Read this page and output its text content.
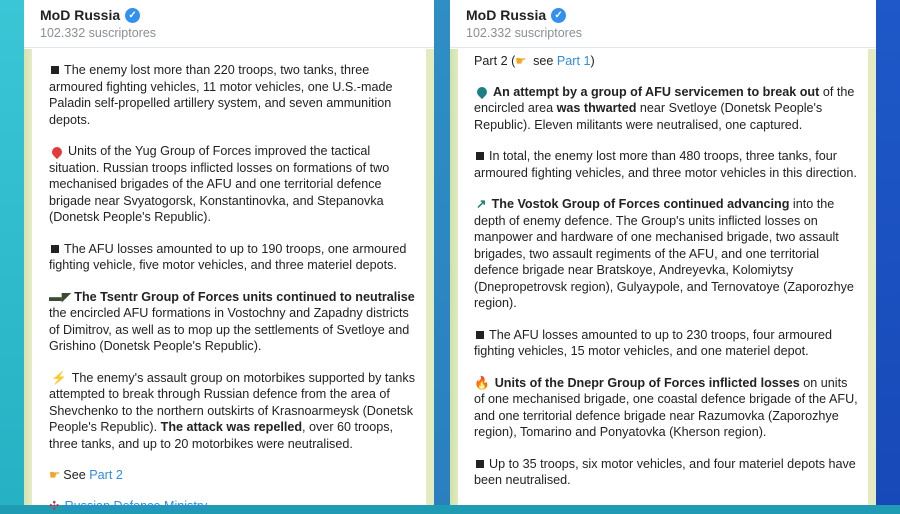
MoD Russia ✓
102.332 suscriptores
The enemy lost more than 220 troops, two tanks, three armoured fighting vehicles, 11 motor vehicles, one U.S.-made Paladin self-propelled artillery system, and seven ammunition depots.
Units of the Yug Group of Forces improved the tactical situation. Russian troops inflicted losses on formations of two mechanised brigades of the AFU and one territorial defence brigade near Svyatogorsk, Konstantinovka, and Stepanovka (Donetsk People's Republic).
The AFU losses amounted to up to 190 troops, one armoured fighting vehicle, five motor vehicles, and three materiel depots.
▬◤ The Tsentr Group of Forces units continued to neutralise the encircled AFU formations in Vostochny and Zapadny districts of Dimitrov, as well as to mop up the settlements of Svetloye and Grishino (Donetsk People's Republic).
⚡ The enemy's assault group on motorbikes supported by tanks attempted to break through Russian defence from the area of Shevchenko to the northern outskirts of Krasnoarmeysk (Donetsk People's Republic). The attack was repelled, over 60 troops, three tanks, and up to 20 motorbikes were neutralised.
☛ See Part 2
✣ Russian Defence Ministry
MoD Russia ✓
102.332 suscriptores
Part 2 (☛ see Part 1)
An attempt by a group of AFU servicemen to break out of the encircled area was thwarted near Svetloye (Donetsk People's Republic). Eleven militants were neutralised, one captured.
In total, the enemy lost more than 480 troops, three tanks, four armoured fighting vehicles, and three motor vehicles in this direction.
↗ The Vostok Group of Forces continued advancing into the depth of enemy defence. The Group's units inflicted losses on manpower and hardware of one mechanised brigade, two assault brigades, two assault regiments of the AFU, and one territorial defence brigade near Bratskoye, Andreyevka, Kolomiytsy (Dnepropetrovsk region), Gulyaypole, and Ternovatoye (Zaporozhye region).
The AFU losses amounted to up to 230 troops, four armoured fighting vehicles, 15 motor vehicles, and one materiel depot.
🔥 Units of the Dnepr Group of Forces inflicted losses on units of one mechanised brigade, one coastal defence brigade of the AFU, and one territorial defence brigade near Razumovka (Zaporozhye region), Tomarino and Ponyatovka (Kherson region).
Up to 35 troops, six motor vehicles, and four materiel depots have been neutralised.
